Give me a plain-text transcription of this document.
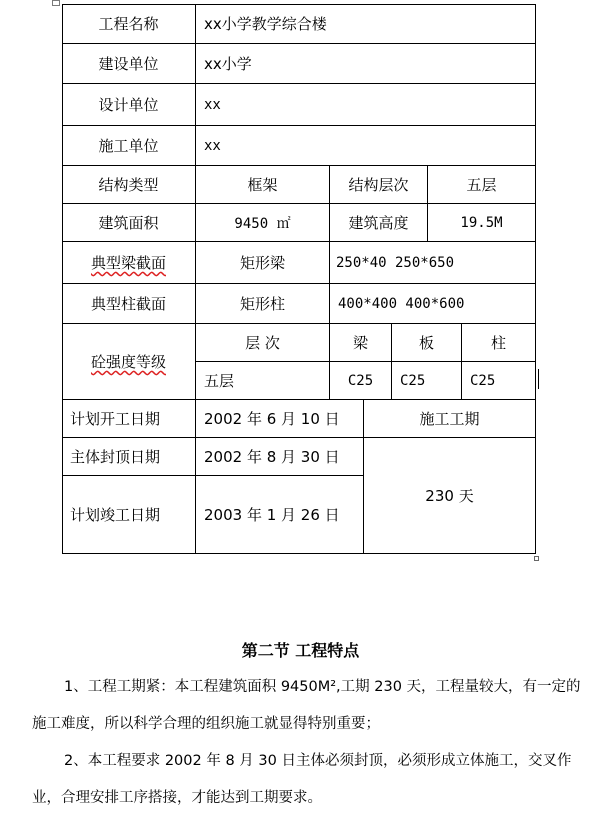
工程名称	xx小学教学综合楼
建设单位	xx小学
设计单位	xx
施工单位	xx
结构类型	框架	结构层次	五层
建筑面积	9450 ㎡	建筑高度	19.5M
典型梁截面	矩形梁	250*40 250*650
典型柱截面	矩形柱	400*400 400*600
砼强度等级
层 次	梁	板	柱
五层	C25	C25	C25
计划开工日期	2002 年 6 月 10 日	施工工期
主体封顶日期	2002 年 8 月 30 日
230 天
计划竣工日期	2003 年 1 月 26 日
第二节 工程特点
1、工程工期紧：本工程建筑面积 9450M²,工期 230 天，工程量较大，有一定的施工难度，所以科学合理的组织施工就显得特别重要；
2、本工程要求 2002 年 8 月 30 日主体必须封顶，必须形成立体施工，交叉作业，合理安排工序搭接，才能达到工期要求。
